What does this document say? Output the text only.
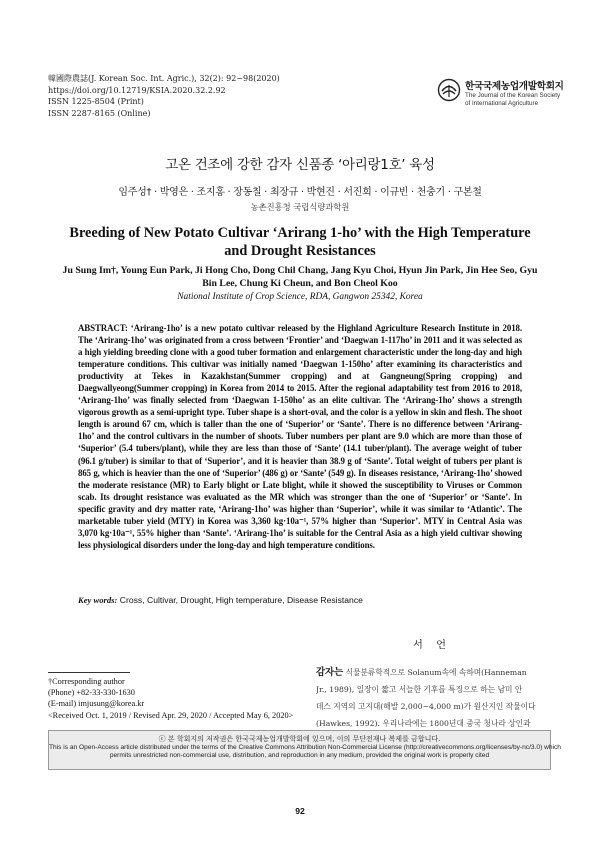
韓國際農誌(J. Korean Soc. Int. Agric.), 32(2): 92~98(2020)
https://doi.org/10.12719/KSIA.2020.32.2.92
ISSN 1225-8504 (Print)
ISSN 2287-8165 (Online)
한국국제농업개발학회지
The Journal of the Korean Society
of International Agriculture
고온 건조에 강한 감자 신품종 ‘아리랑1호’ 육성
임주성† · 박영은 · 조지홍 · 장동칠 · 최장규 · 박현진 · 서진희 · 이규빈 · 천충기 · 구본철
농촌진흥청 국립식량과학원
Breeding of New Potato Cultivar ‘Arirang 1-ho’ with the High Temperature and Drought Resistances
Ju Sung Im†, Young Eun Park, Ji Hong Cho, Dong Chil Chang, Jang Kyu Choi, Hyun Jin Park, Jin Hee Seo, Gyu
Bin Lee, Chung Ki Cheun, and Bon Cheol Koo
National Institute of Crop Science, RDA, Gangwon 25342, Korea
ABSTRACT: ‘Arirang-1ho’ is a new potato cultivar released by the Highland Agriculture Research Institute in 2018. The ‘Arirang-1ho’ was originated from a cross between ‘Frontier’ and ‘Daegwan 1-117ho’ in 2011 and it was selected as a high yielding breeding clone with a good tuber formation and enlargement characteristic under the long-day and high temperature conditions. This cultivar was initially named ‘Daegwan 1-150ho’ after examining its characteristics and productivity at Tekes in Kazakhstan(Summer cropping) and at Gangneung(Spring cropping) and Daegwallyeong(Summer cropping) in Korea from 2014 to 2015. After the regional adaptability test from 2016 to 2018, ‘Arirang-1ho’ was finally selected from ‘Daegwan 1-150ho’ as an elite cultivar. The ‘Arirang-1ho’ shows a strength vigorous growth as a semi-upright type. Tuber shape is a short-oval, and the color is a yellow in skin and flesh. The shoot length is around 67 cm, which is taller than the one of ‘Superior’ or ‘Sante’. There is no difference between ‘Arirang-1ho’ and the control cultivars in the number of shoots. Tuber numbers per plant are 9.0 which are more than those of ‘Superior’ (5.4 tubers/plant), while they are less than those of ‘Sante’ (14.1 tuber/plant). The average weight of tuber (96.1 g/tuber) is similar to that of ‘Superior’, and it is heavier than 38.9 g of ‘Sante’. Total weight of tubers per plant is 865 g, which is heavier than the one of ‘Superior’ (486 g) or ‘Sante’ (549 g). In diseases resistance, ‘Arirang-1ho’ showed the moderate resistance (MR) to Early blight or Late blight, while it showed the susceptibility to Viruses or Common scab. Its drought resistance was evaluated as the MR which was stronger than the one of ‘Superior’ or ‘Sante’. In specific gravity and dry matter rate, ‘Arirang-1ho’ was higher than ‘Superior’, while it was similar to ‘Atlantic’. The marketable tuber yield (MTY) in Korea was 3,360 kg·10a⁻¹, 57% higher than ‘Superior’. MTY in Central Asia was 3,070 kg·10a⁻¹, 55% higher than ‘Sante’. ‘Arirang-1ho’ is suitable for the Central Asia as a high yield cultivar showing less physiological disorders under the long-day and high temperature conditions.
Key words: Cross, Cultivar, Drought, High temperature, Disease Resistance
서 언
†Corresponding author
(Phone) +82-33-330-1630
(E-mail) imjusung@korea.kr
<Received Oct. 1, 2019 / Revised Apr. 29, 2020 / Accepted May 6, 2020>
감자는 식물분류학적으로 Solanum속에 속하며(Hanneman
Jr., 1989), 일장이 짧고 서늘한 기후를 특징으로 하는 남미 안
데스 지역의 고지대(해발 2,000~4,000 m)가 원산지인 작물이다
(Hawkes, 1992). 우리나라에는 1800년대 중국 청나라 상인과
ⓒ 본 학회지의 저작권은 한국국제농업개발학회에 있으며, 이의 무단전재나 복제를 금합니다.
This is an Open-Access article distributed under the terms of the Creative Commons Attribution Non-Commercial License (http://creativecommons.org/licenses/by-nc/3.0) which
permits unrestricted non-commercial use, distribution, and reproduction in any medium, provided the original work is properly cited
92
